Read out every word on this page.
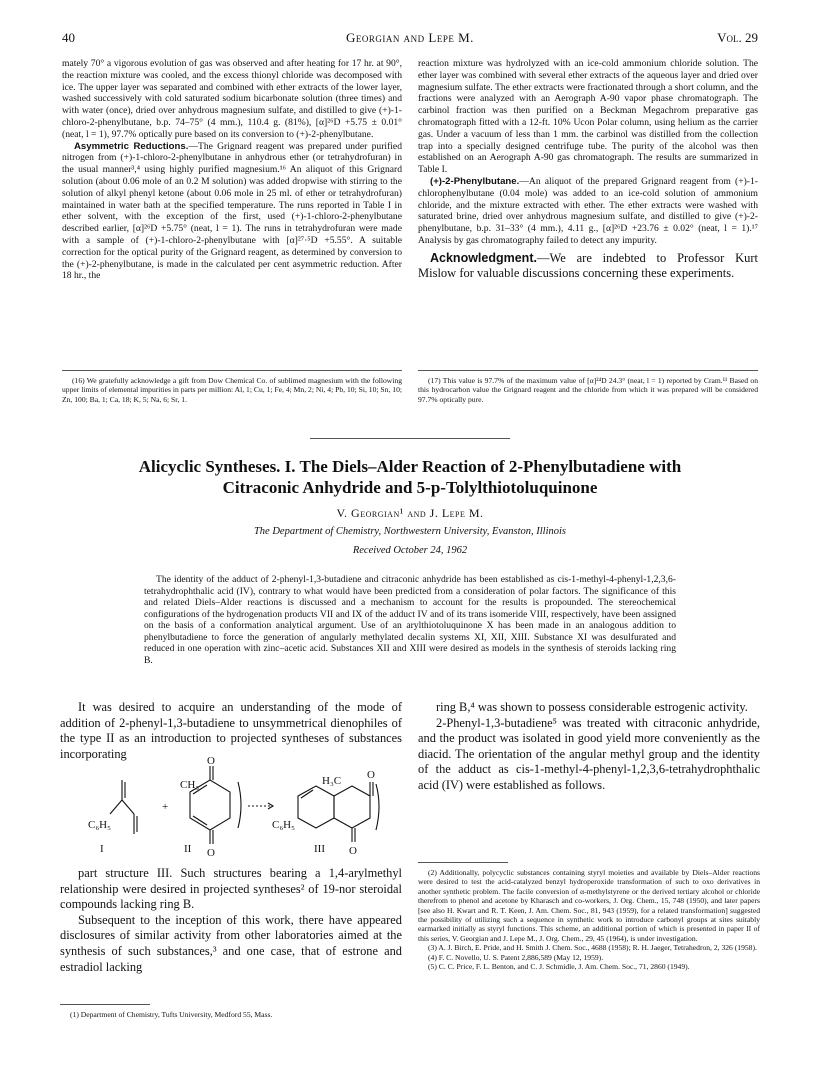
40	Georgian and Lepe M.	Vol. 29

mately 70° a vigorous evolution of gas was observed and after heating for 17 hr. at 90°, the reaction mixture was cooled, and the excess thionyl chloride was decomposed with ice. The upper layer was separated and combined with ether extracts of the lower layer, washed successively with cold saturated sodium bicarbonate solution (three times) and with water (once), dried over anhydrous magnesium sulfate, and distilled to give (+)-1-chloro-2-phenylbutane, b.p. 74–75° (4 mm.), 110.4 g. (81%), [α]²⁶D +5.75 ± 0.01° (neat, l = 1), 97.7% optically pure based on its conversion to (+)-2-phenylbutane.

Asymmetric Reductions.—The Grignard reagent was prepared under purified nitrogen from (+)-1-chloro-2-phenylbutane in anhydrous ether (or tetrahydrofuran) in the usual manner³,⁴ using highly purified magnesium.¹⁶ An aliquot of this Grignard solution (about 0.06 mole of an 0.2 M solution) was added dropwise with stirring to the solution of alkyl phenyl ketone (about 0.06 mole in 25 ml. of ether or tetrahydrofuran) maintained in water bath at the specified temperature. The runs reported in Table I in ether solvent, with the exception of the first, used (+)-1-chloro-2-phenylbutane described earlier, [α]²⁶D +5.75° (neat, l = 1). The runs in tetrahydrofuran were made with a sample of (+)-1-chloro-2-phenylbutane with [α]²⁷·⁵D +5.55°. A suitable correction for the optical purity of the Grignard reagent, as determined by conversion to the (+)-2-phenylbutane, is made in the calculated per cent asymmetric reduction. After 18 hr., the

reaction mixture was hydrolyzed with an ice-cold ammonium chloride solution. The ether layer was combined with several ether extracts of the aqueous layer and dried over magnesium sulfate. The ether extracts were fractionated through a short column, and the fractions were analyzed with an Aerograph A-90 vapor phase chromatograph. The carbinol fraction was then purified on a Beckman Megachrom preparative gas chromatograph fitted with a 12-ft. 10% Ucon Polar column, using helium as the carrier gas. Under a vacuum of less than 1 mm. the carbinol was distilled from the collection trap into a specially designed centrifuge tube. The purity of the alcohol was then established on an Aerograph A-90 gas chromatograph. The results are summarized in Table I.

(+)-2-Phenylbutane.—An aliquot of the prepared Grignard reagent from (+)-1-chlorophenylbutane (0.04 mole) was added to an ice-cold solution of ammonium chloride, and the mixture extracted with ether. The ether extracts were washed with saturated brine, dried over anhydrous magnesium sulfate, and distilled to give (+)-2-phenylbutane, b.p. 31–33° (4 mm.), 4.11 g., [α]²⁶D +23.76 ± 0.02° (neat, l = 1).¹⁷ Analysis by gas chromatography failed to detect any impurity.

Acknowledgment.—We are indebted to Professor Kurt Mislow for valuable discussions concerning these experiments.

(16) We gratefully acknowledge a gift from Dow Chemical Co. of sublimed magnesium with the following upper limits of elemental impurities in parts per million: Al, 1; Cu, 1; Fe, 4; Mn, 2; Ni, 4; Pb, 10; Si, 10; Sn, 10; Zn, 100; Ba, 1; Ca, 18; K, 5; Na, 6; Sr, 1.

(17) This value is 97.7% of the maximum value of [α]²⁴D 24.3° (neat, l = 1) reported by Cram.¹¹ Based on this hydrocarbon value the Grignard reagent and the chloride from which it was prepared will be considered 97.7% optically pure.

Alicyclic Syntheses. I. The Diels–Alder Reaction of 2-Phenylbutadiene with
Citraconic Anhydride and 5-p-Tolylthiotoluquinone
V. Georgian¹ and J. Lepe M.
The Department of Chemistry, Northwestern University, Evanston, Illinois
Received October 24, 1962

The identity of the adduct of 2-phenyl-1,3-butadiene and citraconic anhydride has been established as cis-1-methyl-4-phenyl-1,2,3,6-tetrahydrophthalic acid (IV), contrary to what would have been predicted from a consideration of polar factors. The significance of this and related Diels–Alder reactions is discussed and a mechanism to account for the results is propounded. The stereochemical configurations of the hydrogenation products VII and IX of the adduct IV and of its trans isomeride VIII, respectively, have been assigned on the basis of a conformation analytical argument. Use of an arylthiotoluquinone X has been made in an analogous addition to phenylbutadiene to force the generation of angularly methylated decalin systems XI, XII, XIII. Substance XI was desulfurated and reduced in one operation with zinc–acetic acid. Substances XII and XIII were desired as models in the synthesis of steroids lacking ring B.

It was desired to acquire an understanding of the mode of addition of 2-phenyl-1,3-butadiene to unsymmetrical dienophiles of the type II as an introduction to projected syntheses of substances incorporating

C₆H₅
I
+
CH₃
O
II O
C₆H₅
H₃C O
III O

part structure III. Such structures bearing a 1,4-arylmethyl relationship were desired in projected syntheses² of 19-nor steroidal compounds lacking ring B.

Subsequent to the inception of this work, there have appeared disclosures of similar activity from other laboratories aimed at the synthesis of such substances,³ and one case, that of estrone and estradiol lacking

(1) Department of Chemistry, Tufts University, Medford 55, Mass.

ring B,⁴ was shown to possess considerable estrogenic activity.

2-Phenyl-1,3-butadiene⁵ was treated with citraconic anhydride, and the product was isolated in good yield more conveniently as the diacid. The orientation of the angular methyl group and the identity of the adduct as cis-1-methyl-4-phenyl-1,2,3,6-tetrahydrophthalic acid (IV) were established as follows.

(2) Additionally, polycyclic substances containing styryl moieties and available by Diels–Alder reactions were desired to test the acid-catalyzed benzyl hydroperoxide transformation of such to oxo derivatives in another synthetic problem. The facile conversion of α-methylstyrene or the derived tertiary alcohol or chloride therefrom to phenol and acetone by Kharasch and co-workers, J. Org. Chem., 15, 748 (1950), and later papers [see also H. Kwart and R. T. Keen, J. Am. Chem. Soc., 81, 943 (1959), for a related transformation] suggested the possibility of utilizing such a sequence in synthetic work to introduce carbonyl groups at sites suitably earmarked initially as styryl functions. This scheme, an additional portion of which is presented in paper II of this series, V. Georgian and J. Lepe M., J. Org. Chem., 29, 45 (1964), is under investigation.

(3) A. J. Birch, E. Pride, and H. Smith J. Chem. Soc., 4688 (1958); R. H. Jaeger, Tetrahedron, 2, 326 (1958).

(4) F. C. Novello, U. S. Patent 2,886,589 (May 12, 1959).

(5) C. C. Price, F. L. Benton, and C. J. Schmidle, J. Am. Chem. Soc., 71, 2860 (1949).
